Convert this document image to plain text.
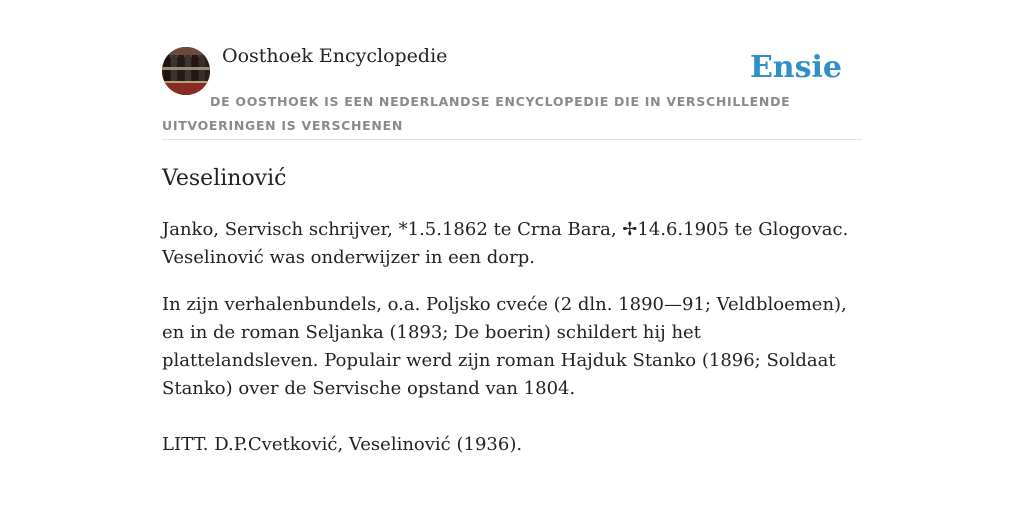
Oosthoek Encyclopedie	Ensie
DE OOSTHOEK IS EEN NEDERLANDSE ENCYCLOPEDIE DIE IN VERSCHILLENDE UITVOERINGEN IS VERSCHENEN
Veselinović

Janko, Servisch schrijver, *1.5.1862 te Crna Bara, ✢14.6.1905 te Glogovac. Veselinović was onderwijzer in een dorp.

In zijn verhalenbundels, o.a. Poljsko cveće (2 dln. 1890—91; Veldbloemen), en in de roman Seljanka (1893; De boerin) schildert hij het plattelandsleven. Populair werd zijn roman Hajduk Stanko (1896; Soldaat Stanko) over de Servische opstand van 1804.

LITT. D.P.Cvetković, Veselinović (1936).
